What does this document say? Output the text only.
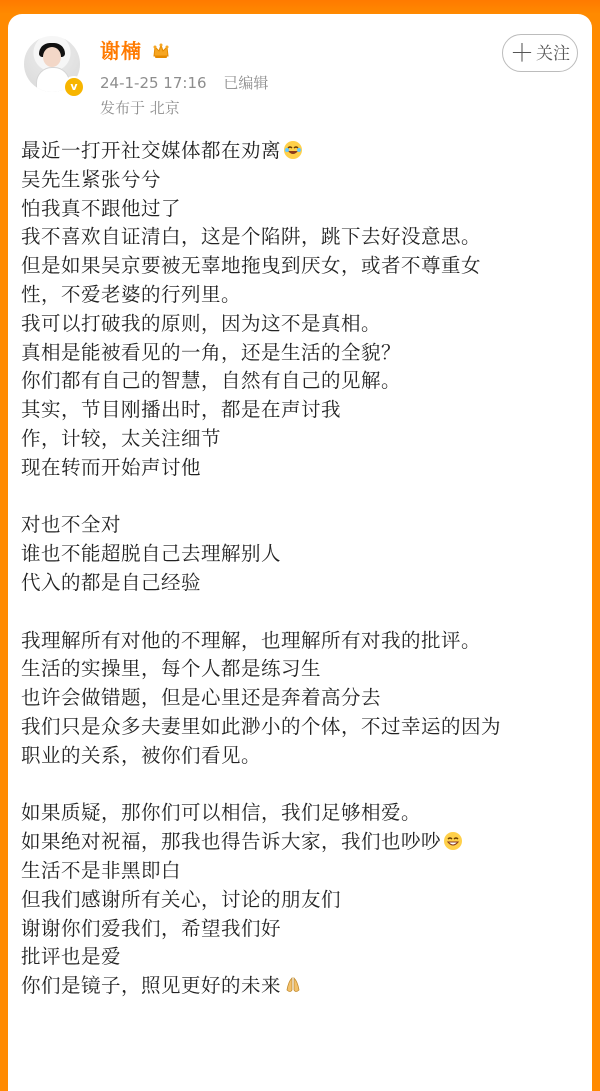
v
谢楠
24-1-25 17:16 已编辑
发布于 北京
＋ 关注
最近一打开社交媒体都在劝离
吴先生紧张兮兮
怕我真不跟他过了
我不喜欢自证清白，这是个陷阱，跳下去好没意思。
但是如果吴京要被无辜地拖曳到厌女，或者不尊重女
性，不爱老婆的行列里。
我可以打破我的原则，因为这不是真相。
真相是能被看见的一角，还是生活的全貌？
你们都有自己的智慧，自然有自己的见解。
其实，节目刚播出时，都是在声讨我
作，计较，太关注细节
现在转而开始声讨他
对也不全对
谁也不能超脱自己去理解别人
代入的都是自己经验
我理解所有对他的不理解，也理解所有对我的批评。
生活的实操里，每个人都是练习生
也许会做错题，但是心里还是奔着高分去
我们只是众多夫妻里如此渺小的个体，不过幸运的因为
职业的关系，被你们看见。
如果质疑，那你们可以相信，我们足够相爱。
如果绝对祝福，那我也得告诉大家，我们也吵吵
生活不是非黑即白
但我们感谢所有关心，讨论的朋友们
谢谢你们爱我们，希望我们好
批评也是爱
你们是镜子，照见更好的未来
